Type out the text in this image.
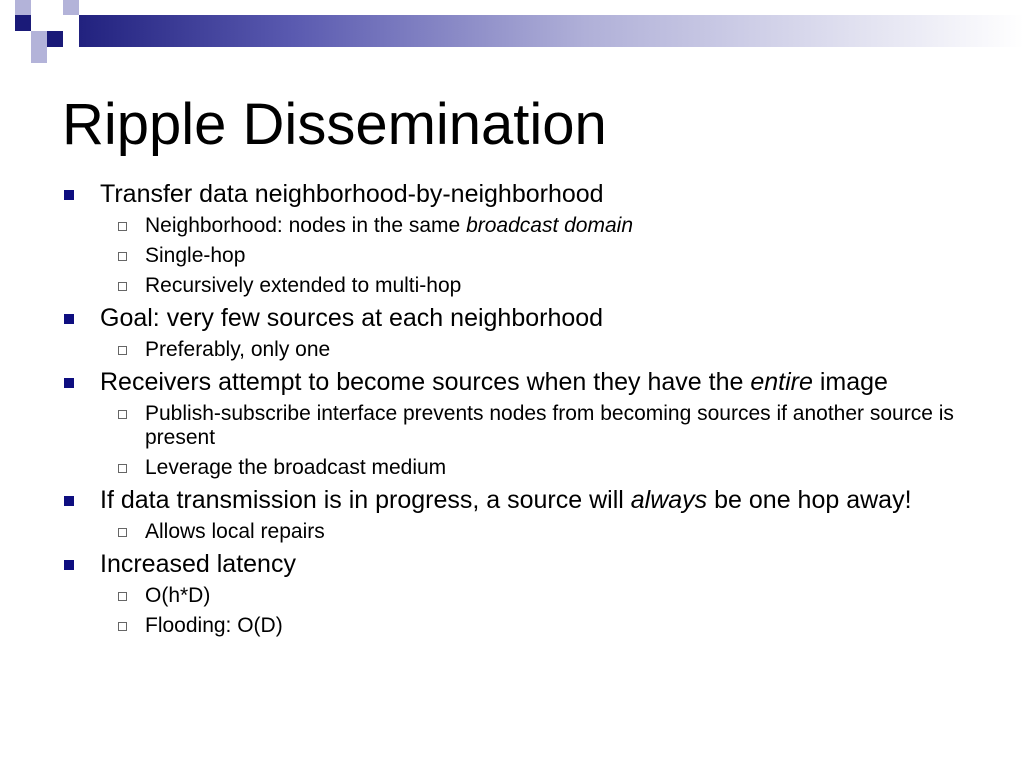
Ripple Dissemination
Transfer data neighborhood-by-neighborhood
Neighborhood: nodes in the same broadcast domain
Single-hop
Recursively extended to multi-hop
Goal: very few sources at each neighborhood
Preferably, only one
Receivers attempt to become sources when they have the entire image
Publish-subscribe interface prevents nodes from becoming sources if another source is present
Leverage the broadcast medium
If data transmission is in progress, a source will always be one hop away!
Allows local repairs
Increased latency
O(h*D)
Flooding: O(D)
